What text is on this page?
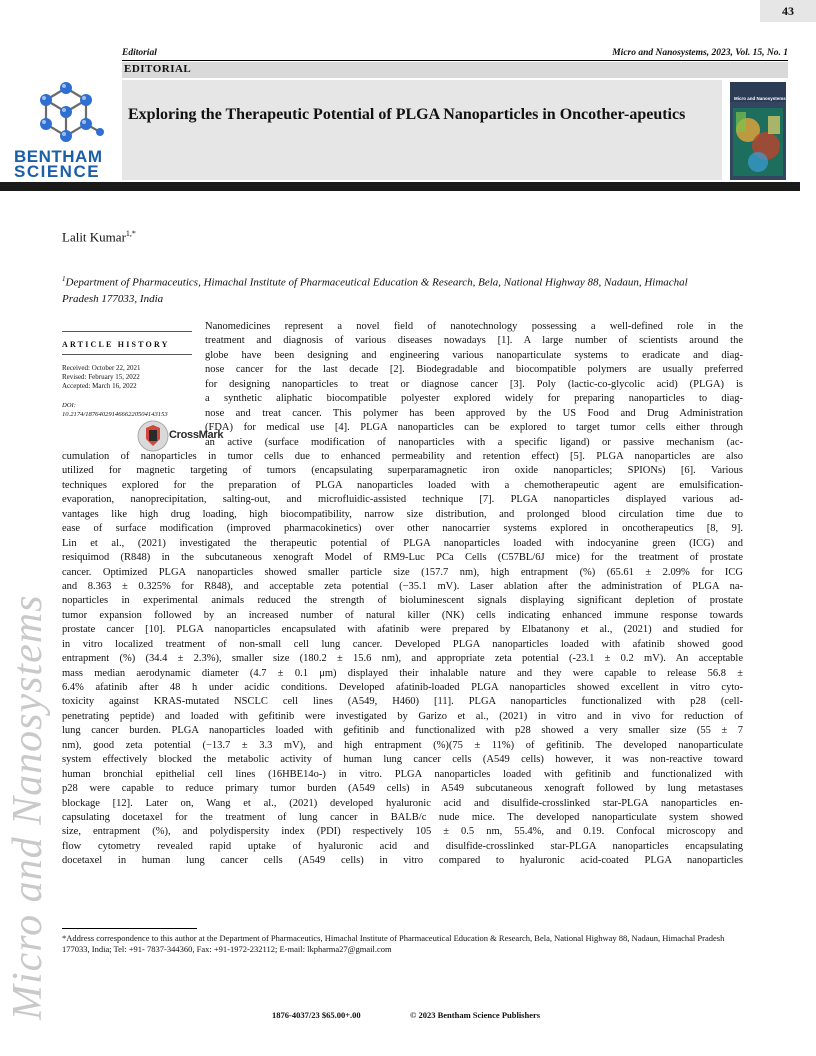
43
Editorial	Micro and Nanosystems, 2023, Vol. 15, No. 1
EDITORIAL
BENTHAM
SCIENCE
Exploring the Therapeutic Potential of PLGA Nanoparticles in Oncother-apeutics
Micro and Nanosystems
Lalit Kumar$^{1,*}$
$^1$Department of Pharmaceutics, Himachal Institute of Pharmaceutical Education & Research, Bela, National Highway 88, Nadaun, Himachal Pradesh 177033, India
ARTICLE HISTORY
Received: October 22, 2021
Revised: February 15, 2022
Accepted: March 16, 2022
DOI:
10.2174/1876402914666220504143153
CrossMark
Nanomedicines represent a novel field of nanotechnology possessing a well-defined role in the
treatment and diagnosis of various diseases nowadays [1]. A large number of scientists around the
globe have been designing and engineering various nanoparticulate systems to eradicate and diag-
nose cancer for the last decade [2]. Biodegradable and biocompatible polymers are usually preferred
for designing nanoparticles to treat or diagnose cancer [3]. Poly (lactic-co-glycolic acid) (PLGA) is
a synthetic aliphatic biocompatible polyester explored widely for preparing nanoparticles to diag-
nose and treat cancer. This polymer has been approved by the US Food and Drug Administration
(FDA) for medical use [4]. PLGA nanoparticles can be explored to target tumor cells either through
an active (surface modification of nanoparticles with a specific ligand) or passive mechanism (ac-
cumulation of nanoparticles in tumor cells due to enhanced permeability and retention effect) [5]. PLGA nanoparticles are also
utilized for magnetic targeting of tumors (encapsulating superparamagnetic iron oxide nanoparticles; SPIONs) [6]. Various
techniques explored for the preparation of PLGA nanoparticles loaded with a chemotherapeutic agent are emulsification-
evaporation, nanoprecipitation, salting-out, and microfluidic-assisted technique [7]. PLGA nanoparticles displayed various ad-
vantages like high drug loading, high biocompatibility, narrow size distribution, and prolonged blood circulation time due to
ease of surface modification (improved pharmacokinetics) over other nanocarrier systems explored in oncotherapeutics [8, 9].
Lin et al., (2021) investigated the therapeutic potential of PLGA nanoparticles loaded with indocyanine green (ICG) and
resiquimod (R848) in the subcutaneous xenograft Model of RM9-Luc PCa Cells (C57BL/6J mice) for the treatment of prostate
cancer. Optimized PLGA nanoparticles showed smaller particle size (157.7 nm), high entrapment (%) (65.61 ± 2.09% for ICG
and 8.363 ± 0.325% for R848), and acceptable zeta potential (−35.1 mV). Laser ablation after the administration of PLGA na-
noparticles in experimental animals reduced the strength of bioluminescent signals displaying significant depletion of prostate
tumor expansion followed by an increased number of natural killer (NK) cells indicating enhanced immune response towards
prostate cancer [10]. PLGA nanoparticles encapsulated with afatinib were prepared by Elbatanony et al., (2021) and studied for
in vitro localized treatment of non-small cell lung cancer. Developed PLGA nanoparticles loaded with afatinib showed good
entrapment (%) (34.4 ± 2.3%), smaller size (180.2 ± 15.6 nm), and appropriate zeta potential (-23.1 ± 0.2 mV). An acceptable
mass median aerodynamic diameter (4.7 ± 0.1 μm) displayed their inhalable nature and they were capable to release 56.8 ±
6.4% afatinib after 48 h under acidic conditions. Developed afatinib-loaded PLGA nanoparticles showed excellent in vitro cyto-
toxicity against KRAS-mutated NSCLC cell lines (A549, H460) [11]. PLGA nanoparticles functionalized with p28 (cell-
penetrating peptide) and loaded with gefitinib were investigated by Garizo et al., (2021) in vitro and in vivo for reduction of
lung cancer burden. PLGA nanoparticles loaded with gefitinib and functionalized with p28 showed a very smaller size (55 ± 7
nm), good zeta potential (−13.7 ± 3.3 mV), and high entrapment (%)(75 ± 11%) of gefitinib. The developed nanoparticulate
system effectively blocked the metabolic activity of human lung cancer cells (A549 cells) however, it was non-reactive toward
human bronchial epithelial cell lines (16HBE14o-) in vitro. PLGA nanoparticles loaded with gefitinib and functionalized with
p28 were capable to reduce primary tumor burden (A549 cells) in A549 subcutaneous xenograft followed by lung metastases
blockage [12]. Later on, Wang et al., (2021) developed hyaluronic acid and disulfide-crosslinked star-PLGA nanoparticles en-
capsulating docetaxel for the treatment of lung cancer in BALB/c nude mice. The developed nanoparticulate system showed
size, entrapment (%), and polydispersity index (PDI) respectively 105 ± 0.5 nm, 55.4%, and 0.19. Confocal microscopy and
flow cytometry revealed rapid uptake of hyaluronic acid and disulfide-crosslinked star-PLGA nanoparticles encapsulating
docetaxel in human lung cancer cells (A549 cells) in vitro compared to hyaluronic acid-coated PLGA nanoparticles
Micro and Nanosystems *Address correspondence to this author at the Department of Pharmaceutics, Himachal Institute of Pharmaceutical Education & Research, Bela, National Highway 88, Nadaun, Himachal Pradesh 177033, India; Tel: +91- 7837-344360, Fax: +91-1972-232112; E-mail: lkpharma27@gmail.com
1876-4037/23 $65.00+.00	© 2023 Bentham Science Publishers
